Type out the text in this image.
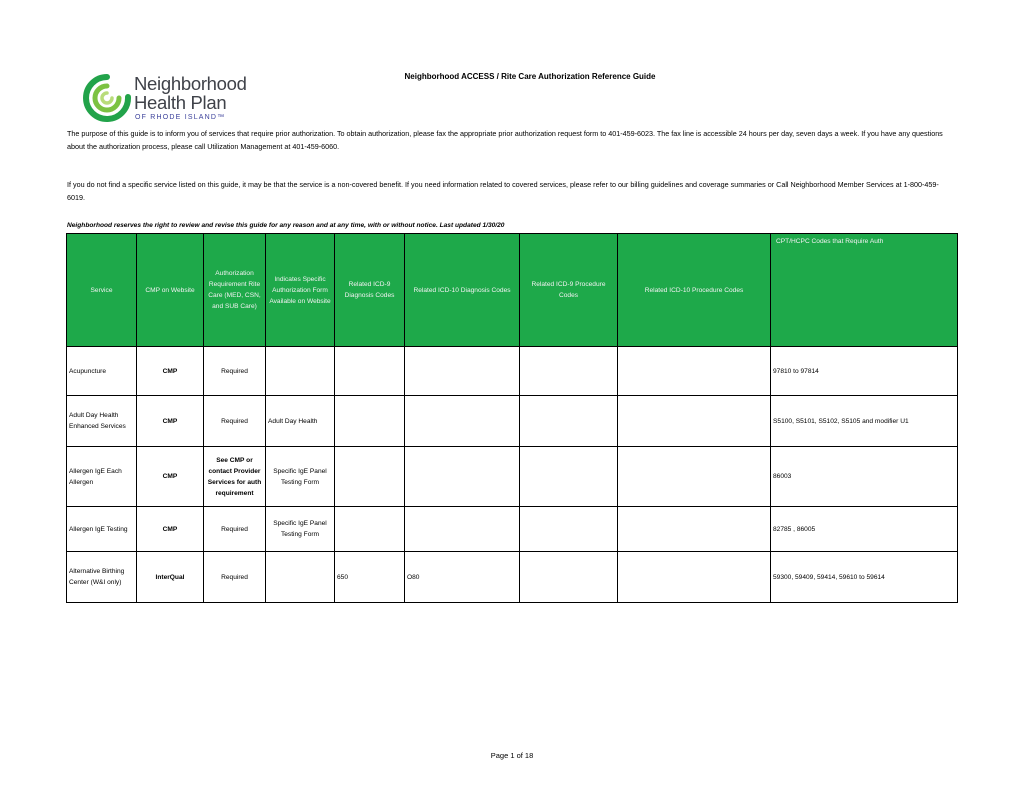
Neighborhood
Health Plan
OF RHODE ISLAND™
Neighborhood ACCESS / Rite Care Authorization Reference Guide
The purpose of this guide is to inform you of services that require prior authorization. To obtain authorization, please fax the appropriate prior authorization request form to 401-459-6023. The fax line is accessible 24 hours per day, seven days a week. If you have any questions about the authorization process, please call Utilization Management at 401-459-6060.
If you do not find a specific service listed on this guide, it may be that the service is a non-covered benefit. If you need information related to covered services, please refer to our billing guidelines and coverage summaries or Call Neighborhood Member Services at 1-800-459-6019.
Neighborhood reserves the right to review and revise this guide for any reason and at any time, with or without notice. Last updated 1/30/20
Service	CMP on Website	Authorization Requirement Rite Care (MED, CSN, and SUB Care)	Indicates Specific Authorization Form Available on Website	Related ICD-9 Diagnosis Codes	Related ICD-10 Diagnosis Codes	Related ICD-9 Procedure Codes	Related ICD-10 Procedure Codes	CPT/HCPC Codes that Require Auth
Acupuncture	CMP	Required						97810 to 97814
Adult Day Health Enhanced Services	CMP	Required	Adult Day Health					S5100, S5101, S5102, S5105 and modifier U1
Allergen IgE Each Allergen	CMP	See CMP or contact Provider Services for auth requirement	Specific IgE Panel Testing Form					86003
Allergen IgE Testing	CMP	Required	Specific IgE Panel Testing Form					82785 , 86005
Alternative Birthing Center (W&I only)	InterQual	Required		650	O80			59300, 59409, 59414, 59610 to 59614
Page 1 of 18
